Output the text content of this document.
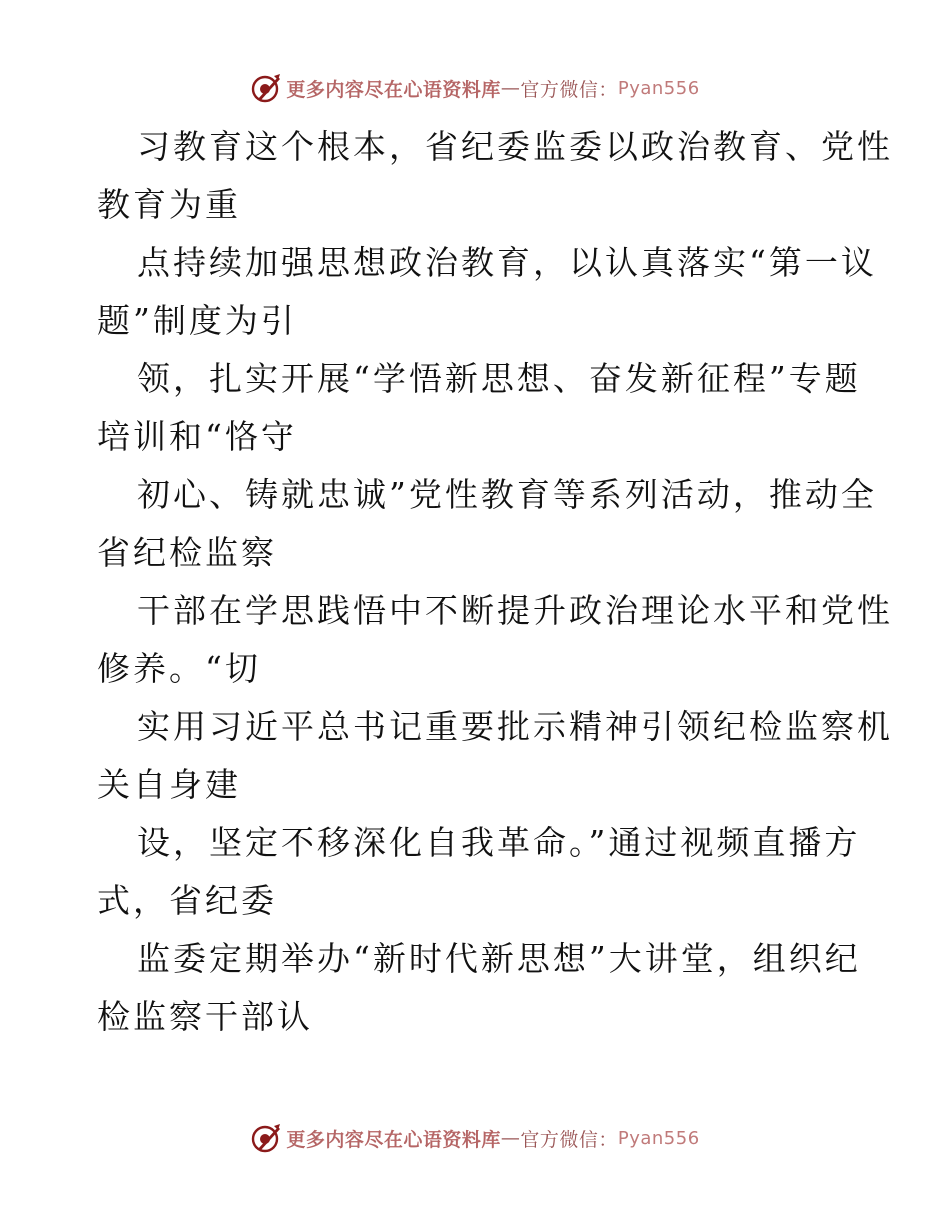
更多内容尽在心语资料库 — 官方微信： Pyan556

习教育这个根本，省纪委监委以政治教育、党性
教育为重

点持续加强思想政治教育，以认真落实“第一议
题”制度为引

领，扎实开展“学悟新思想、奋发新征程”专题
培训和“恪守

初心、铸就忠诚”党性教育等系列活动，推动全
省纪检监察

干部在学思践悟中不断提升政治理论水平和党性
修养。“切

实用习近平总书记重要批示精神引领纪检监察机
关自身建

设，坚定不移深化自我革命。”通过视频直播方
式，省纪委

监委定期举办“新时代新思想”大讲堂，组织纪
检监察干部认

更多内容尽在心语资料库 — 官方微信： Pyan556
